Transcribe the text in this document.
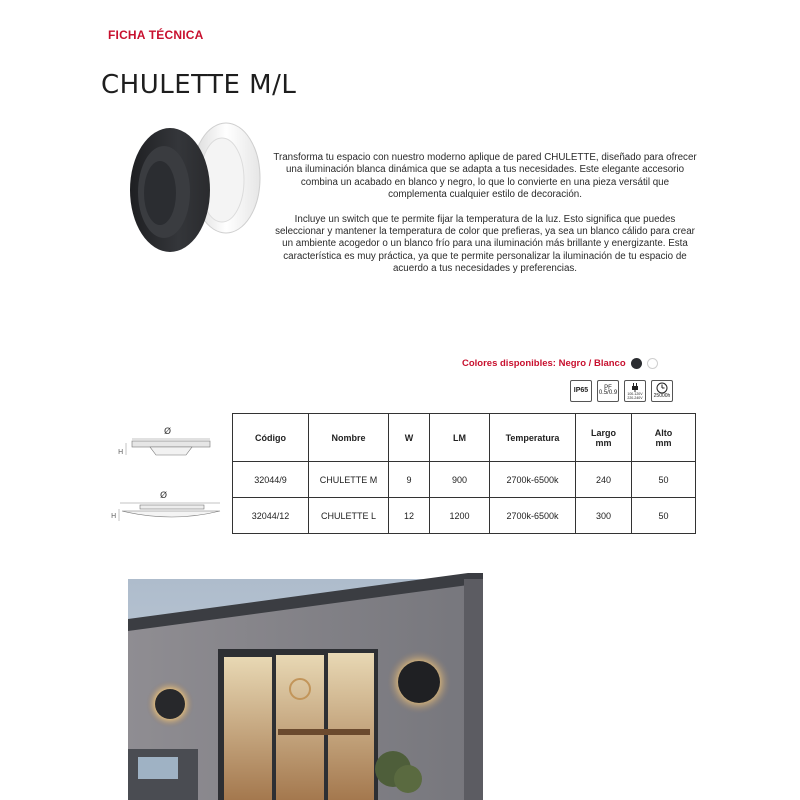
FICHA TÉCNICA
CHULETTE M/L

Transforma tu espacio con nuestro moderno aplique de pared CHULETTE, diseñado para ofrecer una iluminación blanca dinámica que se adapta a tus necesidades. Este elegante accesorio combina un acabado en blanco y negro, lo que lo convierte en una pieza versátil que complementa cualquier estilo de decoración.

Incluye un switch que te permite fijar la temperatura de la luz. Esto significa que puedes seleccionar y mantener la temperatura de color que prefieras, ya sea un blanco cálido para crear un ambiente acogedor o un blanco frío para una iluminación más brillante y energizante. Esta característica es muy práctica, ya que te permite personalizar la iluminación de tu espacio de acuerdo a tus necesidades y preferencias.

Colores disponibles: Negro / Blanco
IP65	PF
0.5/0.9	100-120V
220-240V 25000h
Ø
H
Ø
H
Código	Nombre	W	LM	Temperatura	Largo mm	Alto mm
32044/9	CHULETTE M	9	900	2700k-6500k	240	50
32044/12	CHULETTE L	12	1200	2700k-6500k	300	50
